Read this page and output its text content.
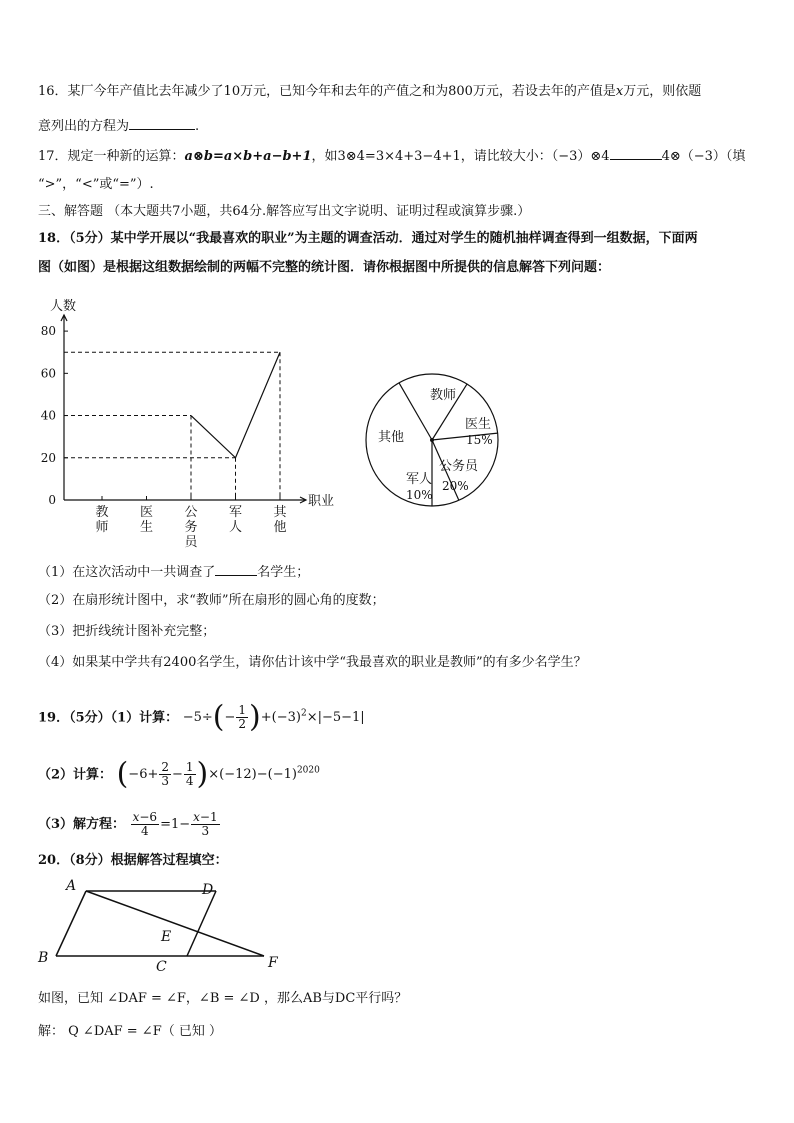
16．某厂今年产值比去年减少了10万元，已知今年和去年的产值之和为800万元，若设去年的产值是x万元，则依题
意列出的方程为	.
17．规定一种新的运算：a⊗b=a×b+a−b+1，如3⊗4=3×4+3−4+1，请比较大小：（−3）⊗4	4⊗（−3）（填
“>”，“<”或“=”）.
三、解答题 （本大题共7小题，共64分.解答应写出文字说明、证明过程或演算步骤.）
18．（5分）某中学开展以“我最喜欢的职业”为主题的调查活动．通过对学生的随机抽样调查得到一组数据，下面两
图（如图）是根据这组数据绘制的两幅不完整的统计图．请你根据图中所提供的信息解答下列问题：
人数
职业
0
20
40
60
80
教师
医生
公务员
军人
其他
教师
医生
15%
公务员
20%
军人
10%
其他
（1）在这次活动中一共调查了	名学生；
（2）在扇形统计图中，求“教师”所在扇形的圆心角的度数；
（3）把折线统计图补充完整；
（4）如果某中学共有2400名学生，请你估计该中学“我最喜欢的职业是教师”的有多少名学生？
19．（5分）（1）计算： $-5\div(- \frac{1}{2} )+(-3)^2\times|-5-1|$
（2）计算： $(-6+ \frac{2}{3} - \frac{1}{4} )\times(-12)-(-1)^{2020}$
（3）解方程： $\frac{x-6}{4} =1- \frac{x-1}{3}$
20．（8分）根据解答过程填空：
A	D
B
C
E
F
如图，已知 ∠DAF = ∠F，∠B = ∠D ，那么AB与DC平行吗？
解： Q ∠DAF = ∠F（ 已知 ）
